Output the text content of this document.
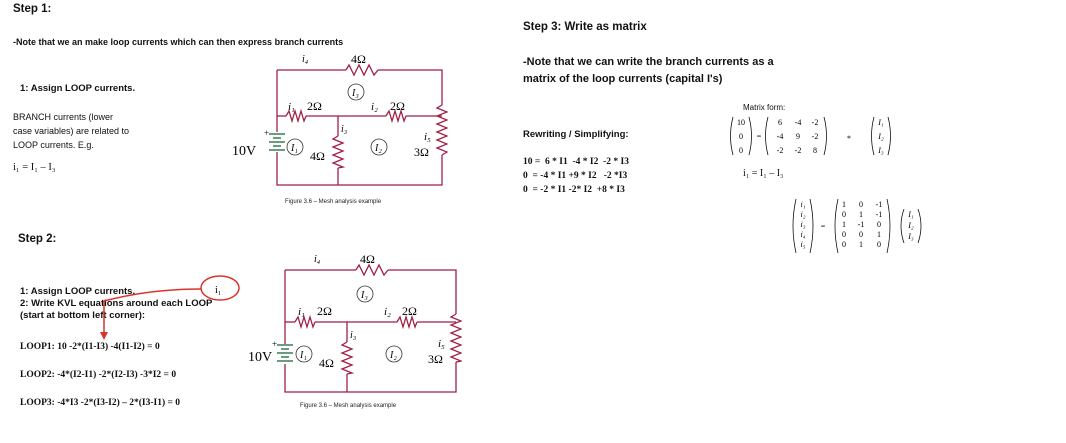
Step 1:
-Note that we an make loop currents which can then express branch currents
1: Assign LOOP currents.
BRANCH currents (lower
case variables) are related to
LOOP currents. E.g.
i₁ = I₁ – I₃
10V
+
i₄	4Ω
I₃
i₁ 2Ω	i₂ 2Ω
i₃
4Ω
I₁	I₂
i₅
3Ω
Figure 3.6 – Mesh analysis example
Step 2:
1: Assign LOOP currents.
2: Write KVL equations around each LOOP
(start at bottom left corner):
i₁
LOOP1: 10 -2*(I1-I3) -4(I1-I2) = 0
LOOP2: -4*(I2-I1) -2*(I2-I3) -3*I2 = 0
LOOP3: -4*I3 -2*(I3-I2) – 2*(I3-I1) = 0
10V
+
i₄	4Ω
I₃
i₁ 2Ω	i₂ 2Ω
i₃
4Ω
I₁	I₂
i₅
3Ω
Figure 3.6 – Mesh analysis example
Step 3: Write as matrix
-Note that we can write the branch currents as a
matrix of the loop currents (capital I's)
Rewriting / Simplifying:
10 = 6 * I1 -4 * I2 -2 * I3
0 = -4 * I1 +9 * I2 -2 *I3
0 = -2 * I1 -2* I2 +8 * I3
Matrix form:
10
0
0
=
6 -4 -2
-4 9 -2
-2 -2 8
*
I₁
I₂
I₃
i₁ = I₁ – I₃
i₁
i₂
i₃
i₄
i₅
=
1 0 -1
0 1 -1
1 -1 0
0 0 1
0 1 0
I₁
I₂
I₃
